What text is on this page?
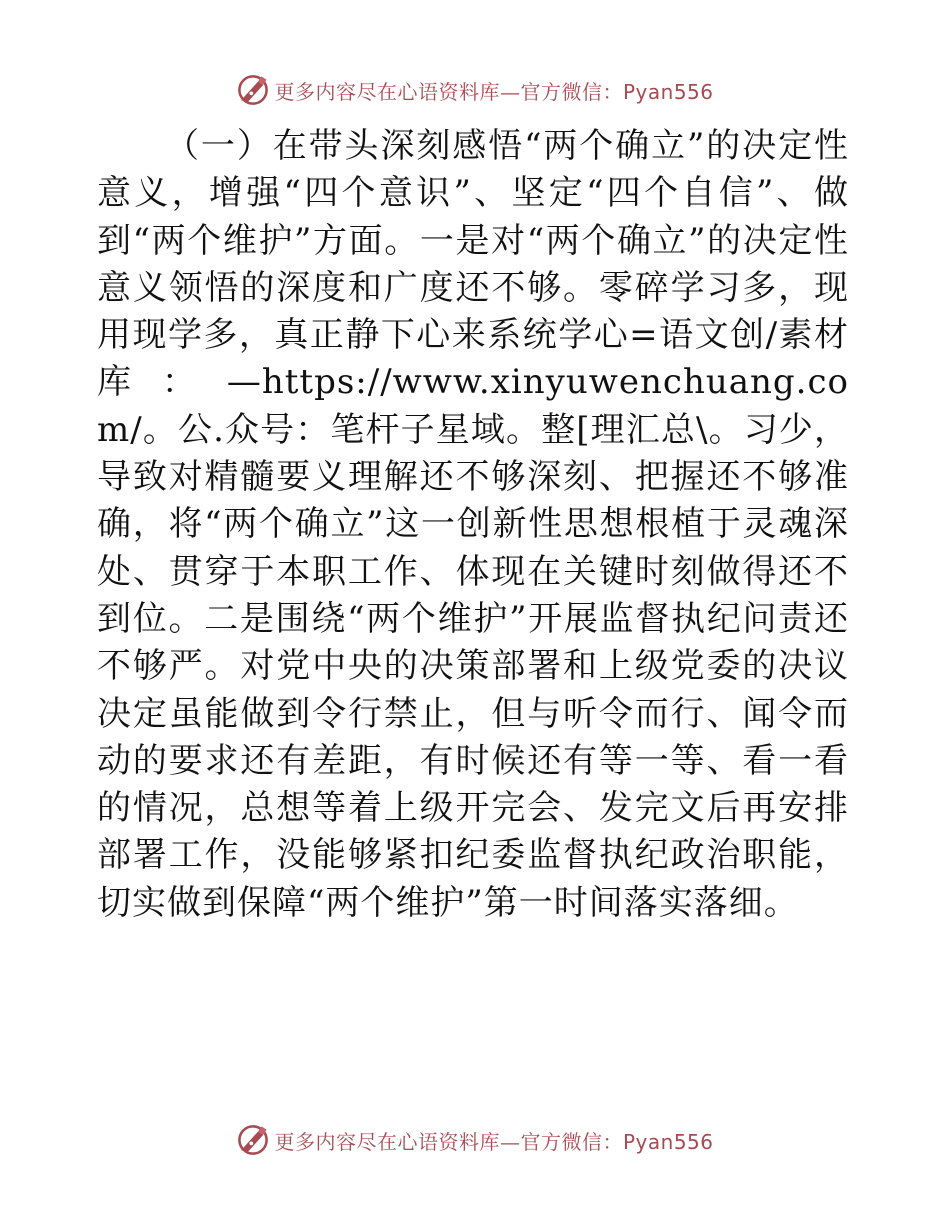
更多内容尽在心语资料库—官方微信：Pyan556

（一）在带头深刻感悟“两个确立”的决定性意义，增强“四个意识”、坚定“四个自信”、做到“两个维护”方面。一是对“两个确立”的决定性意义领悟的深度和广度还不够。零碎学习多，现用现学多，真正静下心来系统学心=语文创/素材库：—https://www.xinyuwenchuang.com/。公.众号：笔杆子星域。整[理汇总\。习少，导致对精髓要义理解还不够深刻、把握还不够准确，将“两个确立”这一创新性思想根植于灵魂深处、贯穿于本职工作、体现在关键时刻做得还不到位。二是围绕“两个维护”开展监督执纪问责还不够严。对党中央的决策部署和上级党委的决议决定虽能做到令行禁止，但与听令而行、闻令而动的要求还有差距，有时候还有等一等、看一看的情况，总想等着上级开完会、发完文后再安排部署工作，没能够紧扣纪委监督执纪政治职能，切实做到保障“两个维护”第一时间落实落细。

更多内容尽在心语资料库—官方微信：Pyan556
